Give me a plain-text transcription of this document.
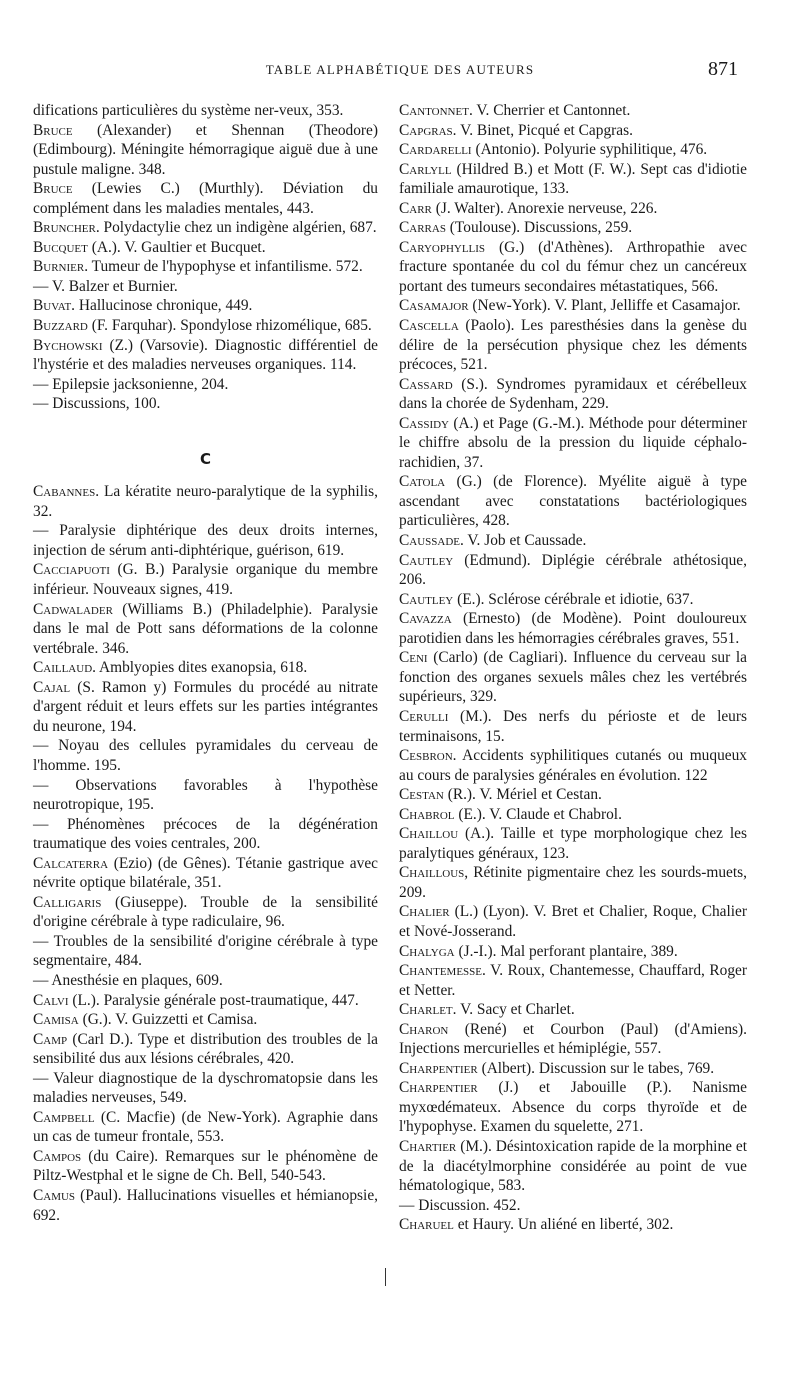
TABLE ALPHABÉTIQUE DES AUTEURS	871

difications particulières du système ner-veux, 353.

Bruce (Alexander) et Shennan (Theodore) (Edimbourg). Méningite hémorragique aiguë due à une pustule maligne. 348.

Bruce (Lewies C.) (Murthly). Déviation du complément dans les maladies mentales, 443.

Bruncher. Polydactylie chez un indigène algérien, 687.

Bucquet (A.). V. Gaultier et Bucquet.

Burnier. Tumeur de l'hypophyse et infantilisme. 572.

— V. Balzer et Burnier.

Buvat. Hallucinose chronique, 449.

Buzzard (F. Farquhar). Spondylose rhizomélique, 685.

Bychowski (Z.) (Varsovie). Diagnostic différentiel de l'hystérie et des maladies nerveuses organiques. 114.

— Epilepsie jacksonienne, 204.

— Discussions, 100.

C

Cabannes. La kératite neuro-paralytique de la syphilis, 32.

— Paralysie diphtérique des deux droits internes, injection de sérum anti-diphtérique, guérison, 619.

Cacciapuoti (G. B.) Paralysie organique du membre inférieur. Nouveaux signes, 419.

Cadwalader (Williams B.) (Philadelphie). Paralysie dans le mal de Pott sans déformations de la colonne vertébrale. 346.

Caillaud. Amblyopies dites exanopsia, 618.

Cajal (S. Ramon y) Formules du procédé au nitrate d'argent réduit et leurs effets sur les parties intégrantes du neurone, 194.

— Noyau des cellules pyramidales du cerveau de l'homme. 195.

— Observations favorables à l'hypothèse neurotropique, 195.

— Phénomènes précoces de la dégénération traumatique des voies centrales, 200.

Calcaterra (Ezio) (de Gênes). Tétanie gastrique avec névrite optique bilatérale, 351.

Calligaris (Giuseppe). Trouble de la sensibilité d'origine cérébrale à type radiculaire, 96.

— Troubles de la sensibilité d'origine cérébrale à type segmentaire, 484.

— Anesthésie en plaques, 609.

Calvi (L.). Paralysie générale post-traumatique, 447.

Camisa (G.). V. Guizzetti et Camisa.

Camp (Carl D.). Type et distribution des troubles de la sensibilité dus aux lésions cérébrales, 420.

— Valeur diagnostique de la dyschromatopsie dans les maladies nerveuses, 549.

Campbell (C. Macfie) (de New-York). Agraphie dans un cas de tumeur frontale, 553.

Campos (du Caire). Remarques sur le phénomène de Piltz-Westphal et le signe de Ch. Bell, 540-543.

Camus (Paul). Hallucinations visuelles et hémianopsie, 692.

Cantonnet. V. Cherrier et Cantonnet.

Capgras. V. Binet, Picqué et Capgras.

Cardarelli (Antonio). Polyurie syphilitique, 476.

Carlyll (Hildred B.) et Mott (F. W.). Sept cas d'idiotie familiale amaurotique, 133.

Carr (J. Walter). Anorexie nerveuse, 226.

Carras (Toulouse). Discussions, 259.

Caryophyllis (G.) (d'Athènes). Arthropathie avec fracture spontanée du col du fémur chez un cancéreux portant des tumeurs secondaires métastatiques, 566.

Casamajor (New-York). V. Plant, Jelliffe et Casamajor.

Cascella (Paolo). Les paresthésies dans la genèse du délire de la persécution physique chez les déments précoces, 521.

Cassard (S.). Syndromes pyramidaux et cérébelleux dans la chorée de Sydenham, 229.

Cassidy (A.) et Page (G.-M.). Méthode pour déterminer le chiffre absolu de la pression du liquide céphalo-rachidien, 37.

Catola (G.) (de Florence). Myélite aiguë à type ascendant avec constatations bactériologiques particulières, 428.

Caussade. V. Job et Caussade.

Cautley (Edmund). Diplégie cérébrale athétosique, 206.

Cautley (E.). Sclérose cérébrale et idiotie, 637.

Cavazza (Ernesto) (de Modène). Point douloureux parotidien dans les hémorragies cérébrales graves, 551.

Ceni (Carlo) (de Cagliari). Influence du cerveau sur la fonction des organes sexuels mâles chez les vertébrés supérieurs, 329.

Cerulli (M.). Des nerfs du périoste et de leurs terminaisons, 15.

Cesbron. Accidents syphilitiques cutanés ou muqueux au cours de paralysies générales en évolution. 122

Cestan (R.). V. Mériel et Cestan.

Chabrol (E.). V. Claude et Chabrol.

Chaillou (A.). Taille et type morphologique chez les paralytiques généraux, 123.

Chaillous, Rétinite pigmentaire chez les sourds-muets, 209.

Chalier (L.) (Lyon). V. Bret et Chalier, Roque, Chalier et Nové-Josserand.

Chalyga (J.-I.). Mal perforant plantaire, 389.

Chantemesse. V. Roux, Chantemesse, Chauffard, Roger et Netter.

Charlet. V. Sacy et Charlet.

Charon (René) et Courbon (Paul) (d'Amiens). Injections mercurielles et hémiplégie, 557.

Charpentier (Albert). Discussion sur le tabes, 769.

Charpentier (J.) et Jabouille (P.). Nanisme myxœdémateux. Absence du corps thyroïde et de l'hypophyse. Examen du squelette, 271.

Chartier (M.). Désintoxication rapide de la morphine et de la diacétylmorphine considérée au point de vue hématologique, 583.

— Discussion. 452.

Charuel et Haury. Un aliéné en liberté, 302.
